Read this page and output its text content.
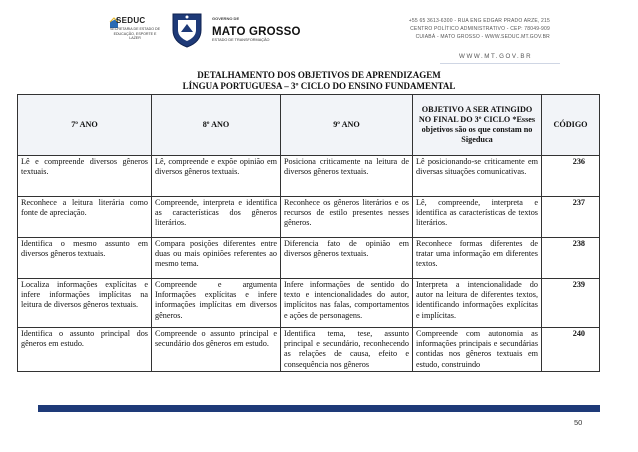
SEDUC
SECRETARIA DE ESTADO DE EDUCAÇÃO, ESPORTE E LAZER
GOVERNO DE
MATO GROSSO
ESTADO DE TRANSFORMAÇÃO
+55 65 3613-6300 - RUA ENG EDGAR PRADO ARZE, 215
CENTRO POLÍTICO ADMINISTRATIVO - CEP: 78049-909
CUIABÁ - MATO GROSSO - WWW.SEDUC.MT.GOV.BR
WWW.MT.GOV.BR
DETALHAMENTO DOS OBJETIVOS DE APRENDIZAGEM
LÍNGUA PORTUGUESA – 3º CICLO DO ENSINO FUNDAMENTAL
7º ANO	8º ANO	9º ANO	OBJETIVO A SER ATINGIDO NO FINAL DO 3º CICLO *Esses objetivos são os que constam no Sigeduca	CÓDIGO
Lê e compreende diversos gêneros textuais.	Lê, compreende e expõe opinião em diversos gêneros textuais.	Posiciona criticamente na leitura de diversos gêneros textuais.	Lê posicionando-se criticamente em diversas situações comunicativas.	236
Reconhece a leitura literária como fonte de apreciação.	Compreende, interpreta e identifica as características dos gêneros literários.	Reconhece os gêneros literários e os recursos de estilo presentes nesses gêneros.	Lê, compreende, interpreta e identifica as características de textos literários.	237
Identifica o mesmo assunto em diversos gêneros textuais.	Compara posições diferentes entre duas ou mais opiniões referentes ao mesmo tema.	Diferencia fato de opinião em diversos gêneros textuais.	Reconhece formas diferentes de tratar uma informação em diferentes textos.	238
Localiza informações explícitas e infere informações implícitas na leitura de diversos gêneros textuais.	Compreende e argumenta Informações explícitas e infere informações implícitas em diversos gêneros.	Infere informações de sentido do texto e intencionalidades do autor, implícitos nas falas, comportamentos e ações de personagens.	Interpreta a intencionalidade do autor na leitura de diferentes textos, identificando informações explícitas e implícitas.	239
Identifica o assunto principal dos gêneros em estudo.	Compreende o assunto principal e secundário dos gêneros em estudo.	Identifica tema, tese, assunto principal e secundário, reconhecendo as relações de causa, efeito e consequência nos gêneros	Compreende com autonomia as informações principais e secundárias contidas nos gêneros textuais em estudo, construindo	240
50
